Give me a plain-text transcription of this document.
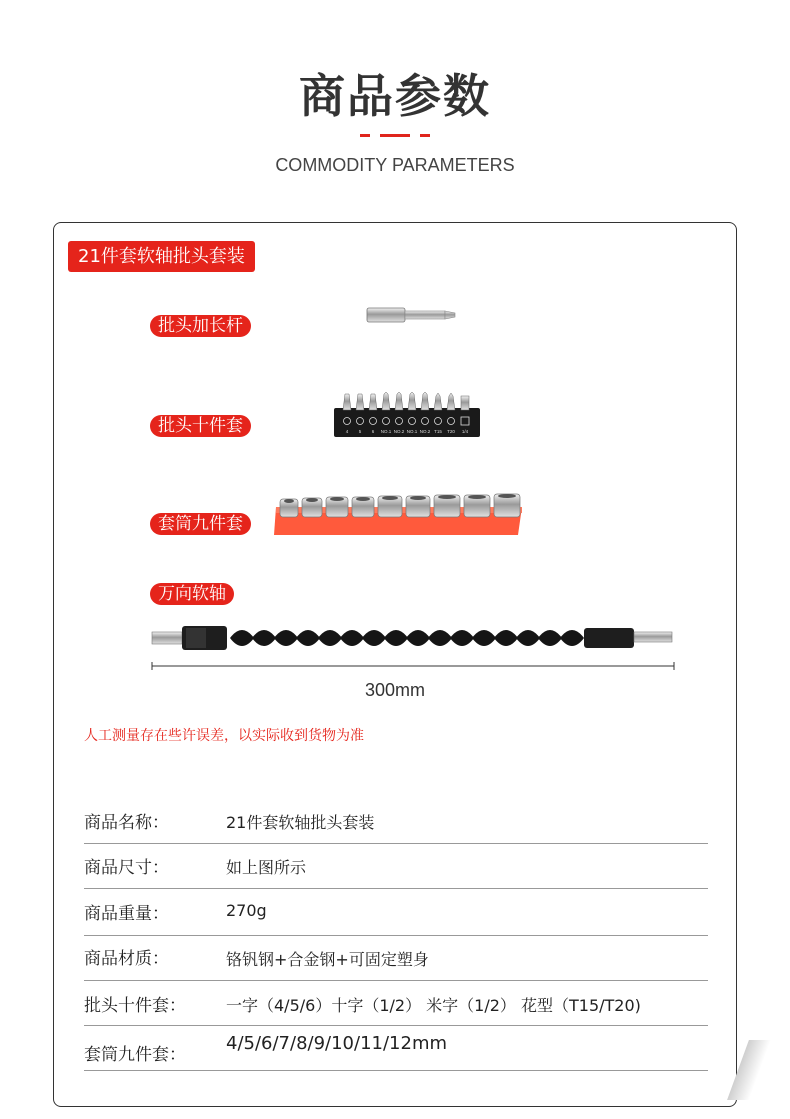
商品参数
COMMODITY PARAMETERS
21件套软轴批头套装
批头加长杆
批头十件套	4 5 6 NO.1 NO.2 NO.1 NO.2 T15 T20 1/4
套筒九件套
万向软轴
300mm
人工测量存在些许误差，以实际收到货物为准
商品名称：	21件套软轴批头套装
商品尺寸：	如上图所示
商品重量：	270g
商品材质：	铬钒钢+合金钢+可固定塑身
批头十件套：	一字（4/5/6）十字（1/2） 米字（1/2） 花型（T15/T20)
套筒九件套：
4/5/6/7/8/9/10/11/12mm
